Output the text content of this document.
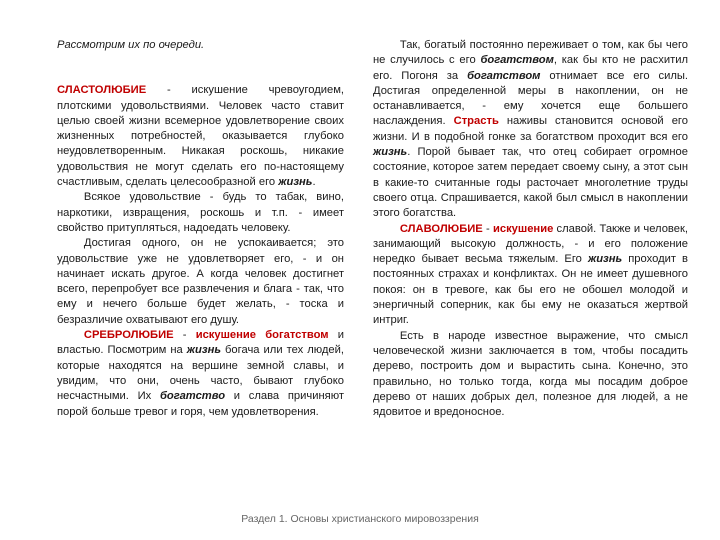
Рассмотрим их по очереди.

СЛАСТОЛЮБИЕ - искушение чревоугодием, плотскими удовольствиями. Человек часто ставит целью своей жизни всемерное удовлетворение своих жизненных потребностей, оказывается глубоко неудовлетворенным. Никакая роскошь, никакие удовольствия не могут сделать его по-настоящему счастливым, сделать целесообразной его жизнь.

Всякое удовольствие - будь то табак, вино, наркотики, извращения, роскошь и т.п. - имеет свойство притупляться, надоедать человеку.

Достигая одного, он не успокаивается; это удовольствие уже не удовлетворяет его, - и он начинает искать другое. А когда человек достигнет всего, перепробует все развлечения и блага - так, что ему и нечего больше будет желать, - тоска и безразличие охватывают его душу.

СРЕБРОЛЮБИЕ - искушение богатством и властью. Посмотрим на жизнь богача или тех людей, которые находятся на вершине земной славы, и увидим, что они, очень часто, бывают глубоко несчастными. Их богатство и слава причиняют порой больше тревог и горя, чем удовлетворения.

Так, богатый постоянно переживает о том, как бы чего не случилось с его богатством, как бы кто не расхитил его. Погоня за богатством отнимает все его силы. Достигая определенной меры в накоплении, он не останавливается, - ему хочется еще большего наслаждения. Страсть наживы становится основой его жизни. И в подобной гонке за богатством проходит вся его жизнь. Порой бывает так, что отец собирает огромное состояние, которое затем передает своему сыну, а этот сын в какие-то считанные годы расточает многолетние труды своего отца. Спрашивается, какой был смысл в накоплении этого богатства.

СЛАВОЛЮБИЕ - искушение славой. Также и человек, занимающий высокую должность, - и его положение нередко бывает весьма тяжелым. Его жизнь проходит в постоянных страхах и конфликтах. Он не имеет душевного покоя: он в тревоге, как бы его не обошел молодой и энергичный соперник, как бы ему не оказаться жертвой интриг.

Есть в народе известное выражение, что смысл человеческой жизни заключается в том, чтобы посадить дерево, построить дом и вырастить сына. Конечно, это правильно, но только тогда, когда мы посадим доброе дерево от наших добрых дел, полезное для людей, а не ядовитое и вредоносное.

Раздел 1. Основы христианского мировоззрения
